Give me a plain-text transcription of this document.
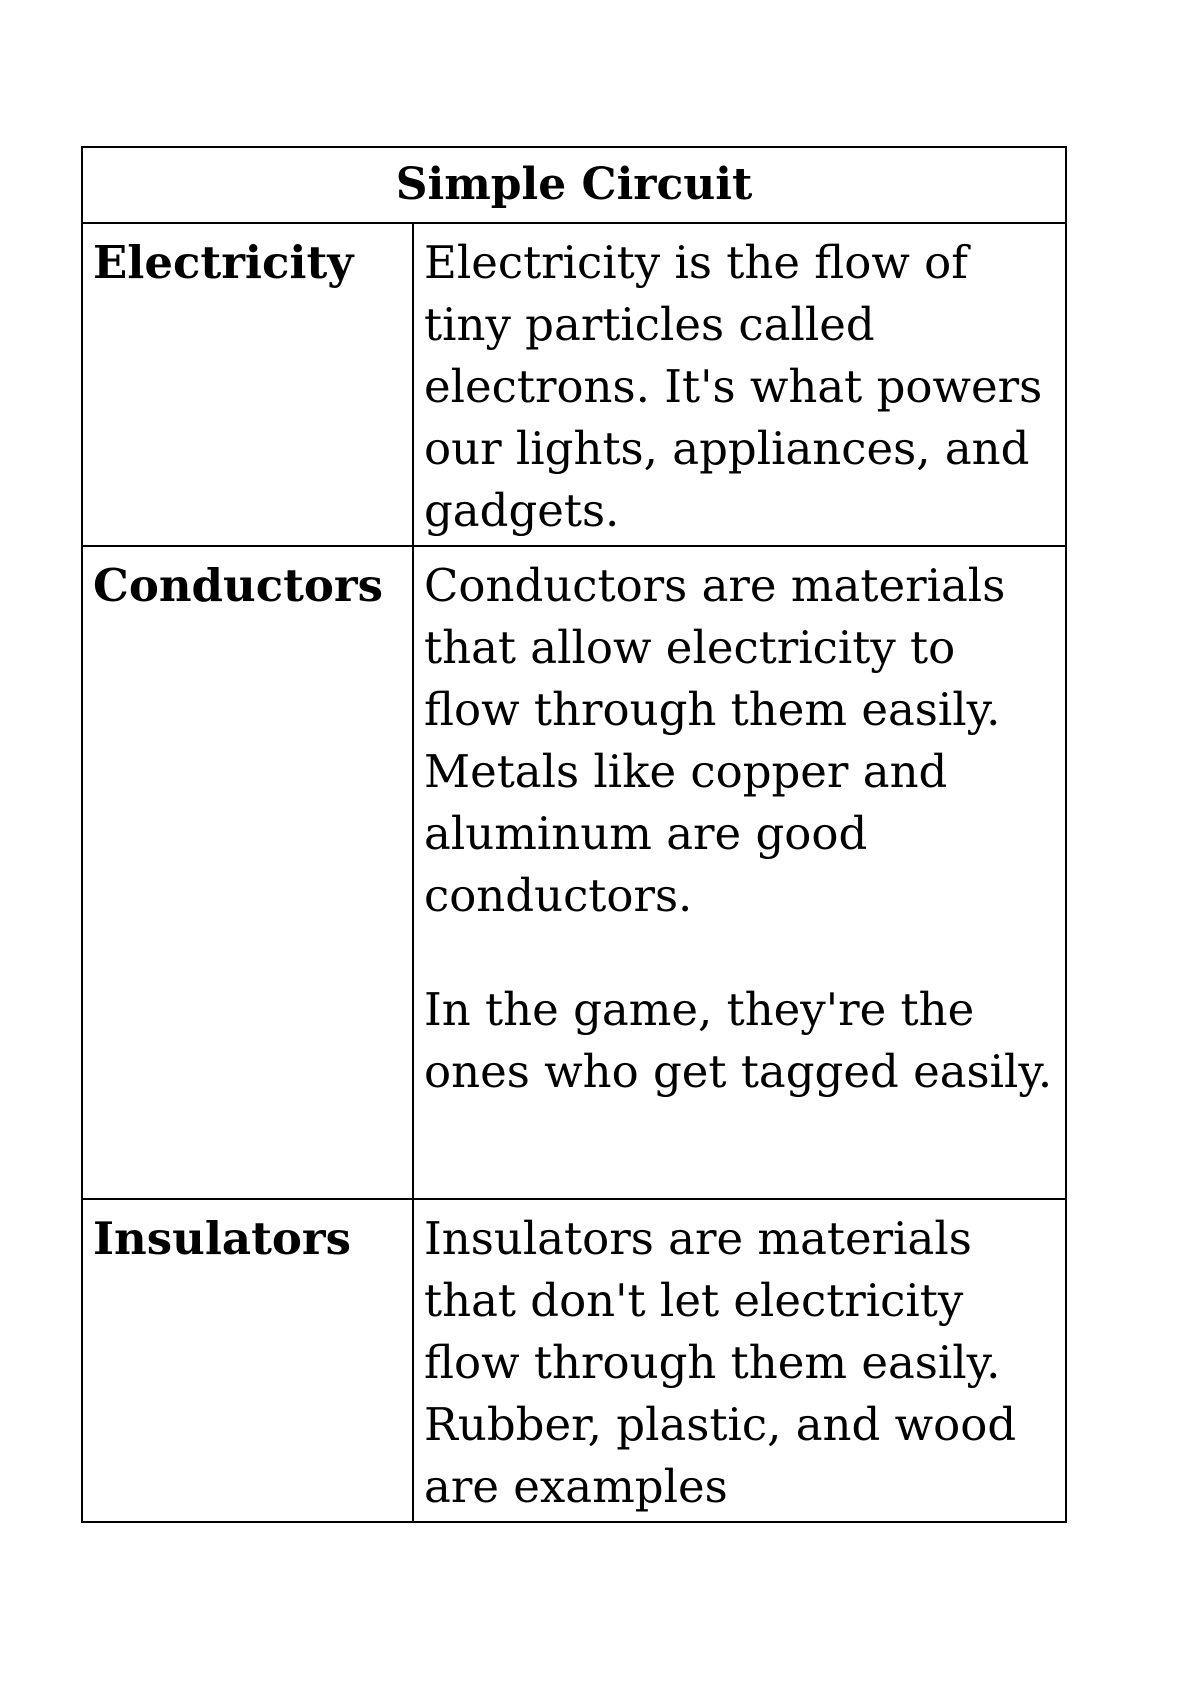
Simple Circuit	
Electricity	Electricity is the flow of tiny particles called electrons. It's what powers our lights, appliances, and gadgets.

Conductors	Conductors are materials that allow electricity to flow through them easily. Metals like copper and aluminum are good conductors.

In the game, they're the ones who get tagged easily.

Insulators	Insulators are materials that don't let electricity flow through them easily. Rubber, plastic, and wood are examples
